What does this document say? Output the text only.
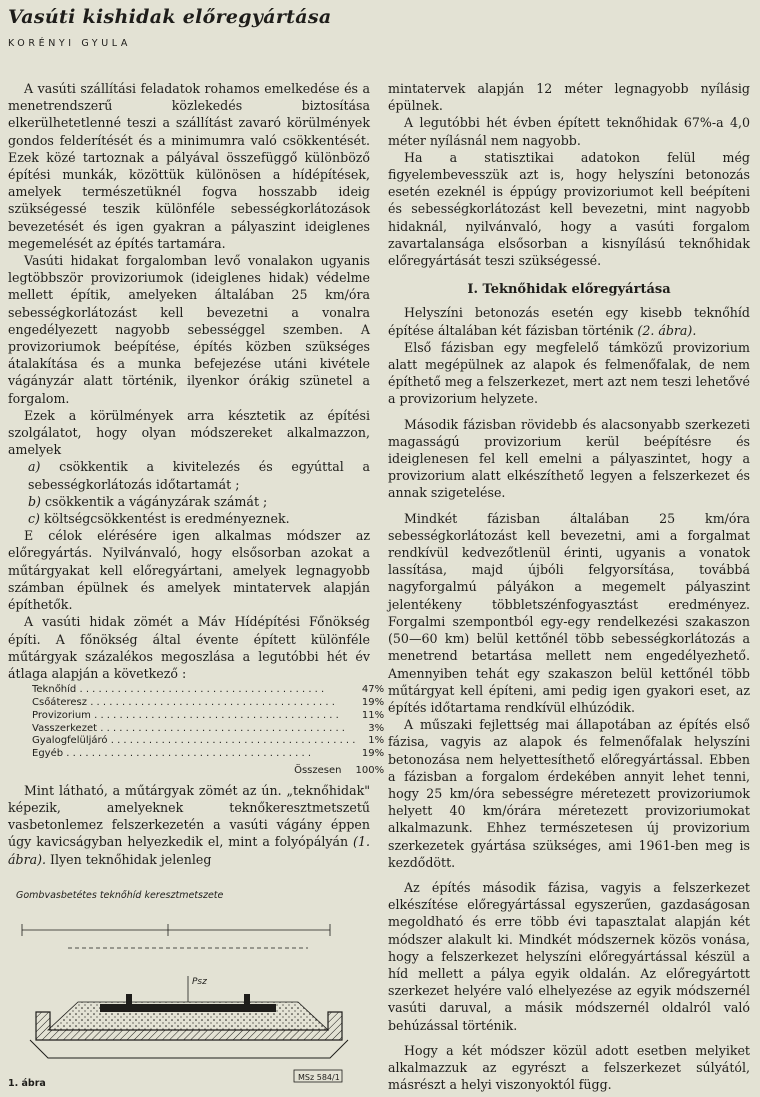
Vasúti kishidak előregyártása
KORÉNYI GYULA

A vasúti szállítási feladatok rohamos emelkedése és a menetrendszerű közlekedés biztosítása elkerülhetetlenné teszi a szállítást zavaró körülmények gondos felderítését és a minimumra való csökkentését. Ezek közé tartoznak a pályával összefüggő különböző építési munkák, közöttük különösen a hídépítések, amelyek természetüknél fogva hosszabb ideig szükségessé teszik különféle sebességkorlátozások bevezetését és igen gyakran a pályaszint ideiglenes megemelését az építés tartamára.

Vasúti hidakat forgalomban levő vonalakon ugyanis legtöbbször provizoriumok (ideiglenes hidak) védelme mellett építik, amelyeken általában 25 km/óra sebességkorlátozást kell bevezetni a vonalra engedélyezett nagyobb sebességgel szemben. A provizoriumok beépítése, építés közben szükséges átalakítása és a munka befejezése utáni kivétele vágányzár alatt történik, ilyenkor órákig szünetel a forgalom.

Ezek a körülmények arra késztetik az építési szolgálatot, hogy olyan módszereket alkalmazzon, amelyek

a) csökkentik a kivitelezés és egyúttal a sebességkorlátozás időtartamát ;
b) csökkentik a vágányzárak számát ;
c) költségcsökkentést is eredményeznek.

E célok elérésére igen alkalmas módszer az előregyártás. Nyilvánvaló, hogy elsősorban azokat a műtárgyakat kell előregyártani, amelyek legnagyobb számban épülnek és amelyek mintatervek alapján építhetők.

A vasúti hidak zömét a Máv Hídépítési Főnökség építi. A főnökség által évente épített különféle műtárgyak százalékos megoszlása a legutóbbi hét év átlaga alapján a következő :

Teknőhíd . . .	47%
Csőáteresz . . .	19%
Provizorium . . .	11%
Vasszerkezet . . .	3%
Gyalogfelüljáró . . .	1%
Egyéb . . .	19%
Összesen	100%

Mint látható, a műtárgyak zömét az ún. „teknőhidak" képezik, amelyeknek teknőkeresztmetszetű vasbetonlemez felszerkezetén a vasúti vágány éppen úgy kavicságyban helyezkedik el, mint a folyópályán (1. ábra). Ilyen teknőhidak jelenleg

Gombvasbetétes teknőhíd keresztmetszete
Psz
MSz 584/1
1. ábra

mintatervek alapján 12 méter legnagyobb nyílásig épülnek.

A legutóbbi hét évben épített teknőhidak 67%-a 4,0 méter nyílásnál nem nagyobb.

Ha a statisztikai adatokon felül még figyelembevesszük azt is, hogy helyszíni betonozás esetén ezeknél is éppúgy provizoriumot kell beépíteni és sebességkorlátozást kell bevezetni, mint nagyobb hidaknál, nyilvánvaló, hogy a vasúti forgalom zavartalansága elsősorban a kisnyílású teknőhidak előregyártását teszi szükségessé.

I. Teknőhidak előregyártása

Helyszíni betonozás esetén egy kisebb teknőhíd építése általában két fázisban történik (2. ábra).

Első fázisban egy megfelelő támközű provizorium alatt megépülnek az alapok és felmenőfalak, de nem építhető meg a felszerkezet, mert azt nem teszi lehetővé a provizorium helyzete.

Második fázisban rövidebb és alacsonyabb szerkezeti magasságú provizorium kerül beépítésre és ideiglenesen fel kell emelni a pályaszintet, hogy a provizorium alatt elkészíthető legyen a felszerkezet és annak szigetelése.

Mindkét fázisban általában 25 km/óra sebességkorlátozást kell bevezetni, ami a forgalmat rendkívül kedvezőtlenül érinti, ugyanis a vonatok lassítása, majd újbóli felgyorsítása, továbbá nagyforgalmú pályákon a megemelt pályaszint jelentékeny többletszénfogyasztást eredményez. Forgalmi szempontból egy-egy rendelkezési szakaszon (50—60 km) belül kettőnél több sebességkorlátozás a menetrend betartása mellett nem engedélyezhető. Amennyiben tehát egy szakaszon belül kettőnél több műtárgyat kell építeni, ami pedig igen gyakori eset, az építés időtartama rendkívül elhúzódik.

A műszaki fejlettség mai állapotában az építés első fázisa, vagyis az alapok és felmenőfalak helyszíni betonozása nem helyettesíthető előregyártással. Ebben a fázisban a forgalom érdekében annyit lehet tenni, hogy 25 km/óra sebességre méretezett provizoriumok helyett 40 km/órára méretezett provizoriumokat alkalmazunk. Ehhez természetesen új provizorium szerkezetek gyártása szükséges, ami 1961-ben meg is kezdődött.

Az építés második fázisa, vagyis a felszerkezet elkészítése előregyártással egyszerűen, gazdaságosan megoldható és erre több évi tapasztalat alapján két módszer alakult ki. Mindkét módszernek közös vonása, hogy a felszerkezet helyszíni előregyártással készül a híd mellett a pálya egyik oldalán. Az előregyártott szerkezet helyére való elhelyezése az egyik módszernél vasúti daruval, a másik módszernél oldalról való behúzással történik.

Hogy a két módszer közül adott esetben melyiket alkalmazzuk az egyrészt a felszerkezet súlyától, másrészt a helyi viszonyoktól függ.
